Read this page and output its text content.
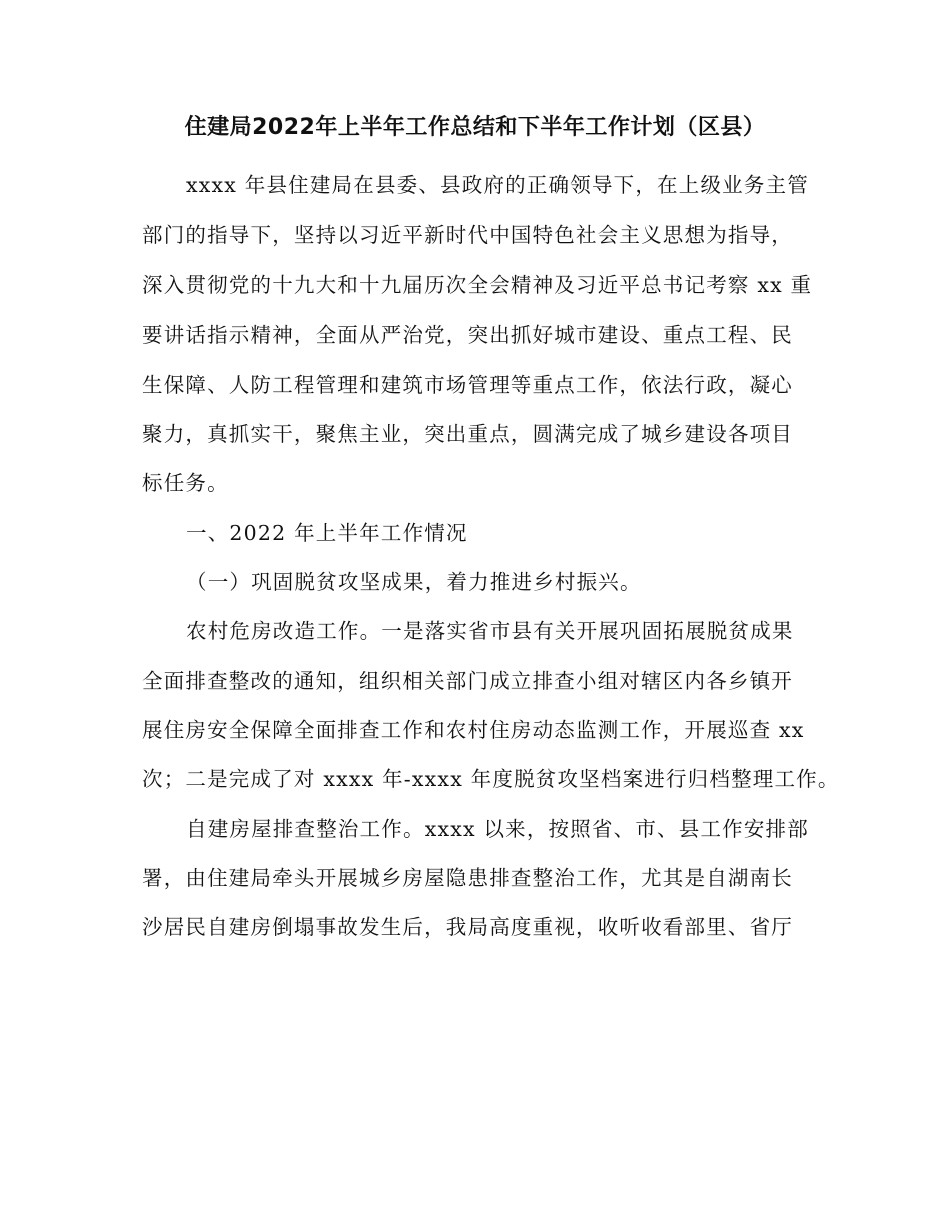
住建局2022年上半年工作总结和下半年工作计划（区县）
xxxx 年县住建局在县委、县政府的正确领导下，在上级业务主管
部门的指导下，坚持以习近平新时代中国特色社会主义思想为指导，
深入贯彻党的十九大和十九届历次全会精神及习近平总书记考察 xx 重
要讲话指示精神，全面从严治党，突出抓好城市建设、重点工程、民
生保障、人防工程管理和建筑市场管理等重点工作，依法行政，凝心
聚力，真抓实干，聚焦主业，突出重点，圆满完成了城乡建设各项目
标任务。
一、2022 年上半年工作情况
（一）巩固脱贫攻坚成果，着力推进乡村振兴。
农村危房改造工作。一是落实省市县有关开展巩固拓展脱贫成果
全面排查整改的通知，组织相关部门成立排查小组对辖区内各乡镇开
展住房安全保障全面排查工作和农村住房动态监测工作，开展巡查 xx
次；二是完成了对 xxxx 年-xxxx 年度脱贫攻坚档案进行归档整理工作。
自建房屋排查整治工作。xxxx 以来，按照省、市、县工作安排部
署，由住建局牵头开展城乡房屋隐患排查整治工作，尤其是自湖南长
沙居民自建房倒塌事故发生后，我局高度重视，收听收看部里、省厅
